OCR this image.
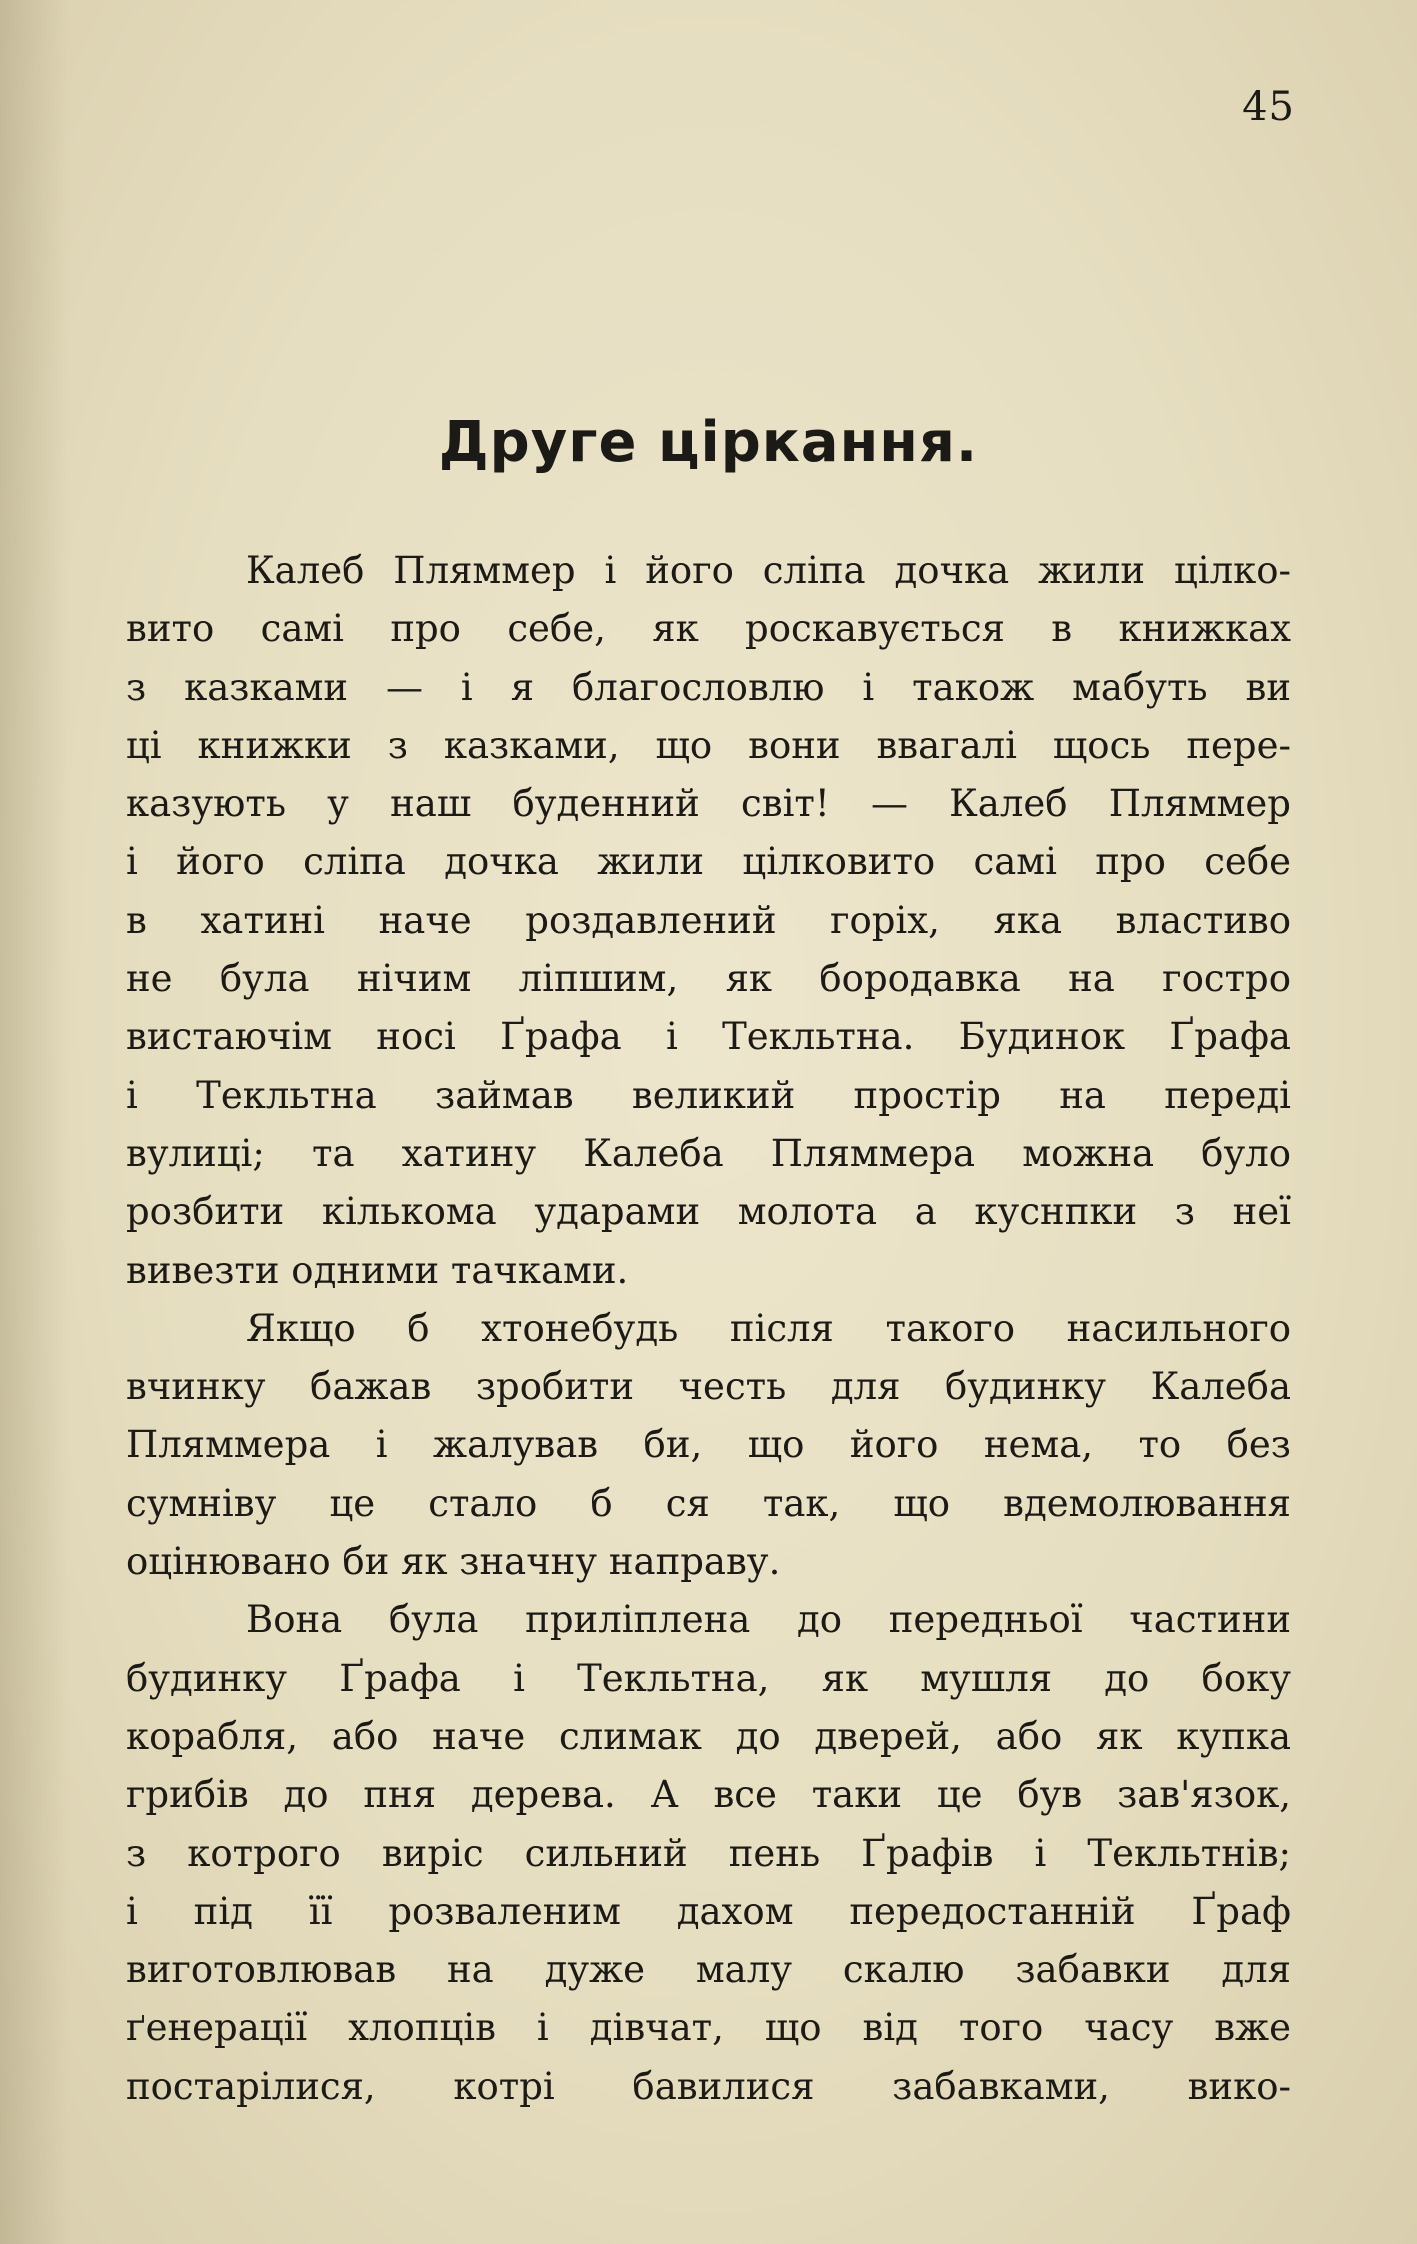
45
Друге ціркання.
Калеб Пляммер і його сліпа дочка жили цілко-
вито самі про себе, як роскавується в книжках
з казками — і я благословлю і також мабуть ви
ці книжки з казками, що вони ввагалі щось пере-
казують у наш буденний світ! — Калеб Пляммер
і його сліпа дочка жили цілковито самі про себе
в хатині наче роздавлений горіх, яка властиво
не була нічим ліпшим, як бородавка на гостро
вистаючім носі Ґрафа і Текльтна. Будинок Ґрафа
і Текльтна займав великий простір на переді
вулиці; та хатину Калеба Пляммера можна було
розбити кількома ударами молота а куснпки з неї
вивезти одними тачками.
Якщо б хтонебудь після такого насильного
вчинку бажав зробити честь для будинку Калеба
Пляммера і жалував би, що його нема, то без
сумніву це стало б ся так, що вдемолювання
оцінювано би як значну направу.
Вона була приліплена до передньої частини
будинку Ґрафа і Текльтна, як мушля до боку
корабля, або наче слимак до дверей, або як купка
грибів до пня дерева. А все таки це був зав'язок,
з котрого виріс сильний пень Ґрафів і Текльтнів;
і під її розваленим дахом передостанній Ґраф
виготовлював на дуже малу скалю забавки для
ґенерації хлопців і дівчат, що від того часу вже
постарілися, котрі бавилися забавками, вико-
